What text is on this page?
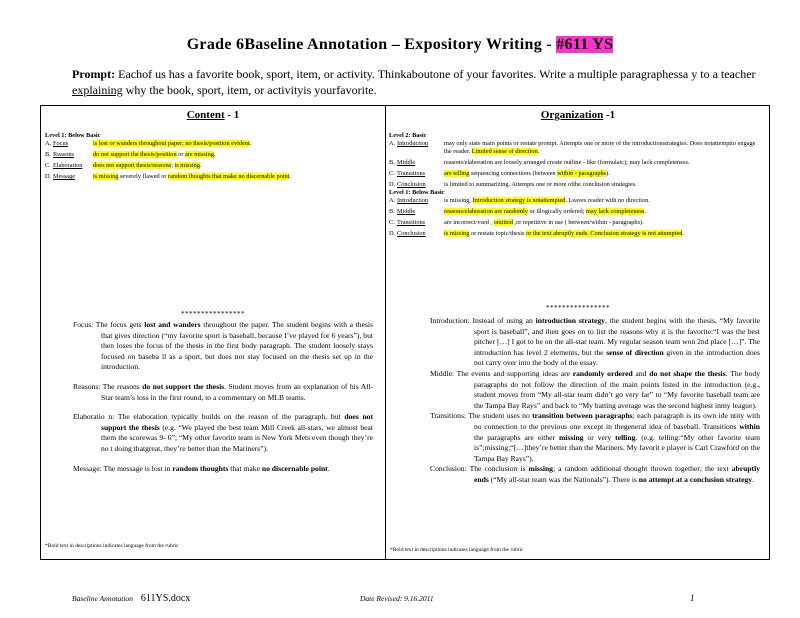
Grade 6Baseline Annotation – Expository Writing - #611 YS
Prompt: Eachof us has a favorite book, sport, item, or activity. Thinkaboutone of your favorites. Write a multiple paragraphessa y to a teacher explaining why the book, sport, item, or activityis yourfavorite.
Content - 1
Level 1: Below Basic
A.	Focus	is lost or wanders throughout paper; no thesis/position evident.
B.	Reasons	do not support the thesis/position or are missing.
C.	Elaboration	does not support thesis/reasons; is missing.
D.	Message	is missing severely flawed or random thoughts that make no discernable point.
****************

Focus: The focus gets lost and wanders throughout the paper. The student begins with a thesis that gives direction (“my favorite sport is baseball, because I’ve played for 6 years”), but then loses the focus of the thesis in the first body paragraph. The student loosely stays focused on baseba ll as a sport, but does not stay focused on the thesis set up in the introduction.

Reasons: The reasons do not support the thesis. Student moves from an explanation of his All-Star team’s loss in the first round, to a commentary on MLB teams.

Elaboratio n: The elaboration typically builds on the reason of the paragraph, but does not support the thesis (e.g. “We played the best team Mill Creek all-stars, we almost beat them the scorewas 9- 6”; “My other favorite team is New York Mets even though they’re no t doing thatgreat, they’re better than the Mariners”).

Message: The message is lost in random thoughts that make no discernable point.

*Bold text in descriptions indicates language from the rubric
Organization -1
Level 2: Basic
A.	Introduction	may only state main points or restate prompt. Attempts one or more of the introductionstrategies. Does notattemptto engage the reader. Limited sense of direction.
B.	Middle	reasons/elaboration are loosely arranged create outline - like (formulaic); may lack completeness.
C.	Transitions	are telling sequencing connections (between within - paragraphs).
D.	Conclusion	is limited to summarizing. Attempts one or more ofthe conclusion strategies.
Level 1: Below Basic
A.	Introduction	is missing, Introduction strategy is notattempted. Leaves reader with no direction.
B.	Middle	reasons/elaboration are randomly or illogically ordered; may lack completeness.
C.	Transitions	are incorrect/vsed , omitted ,or repetitive in use ( between/within - paragraphs).
D.	Conclusion	is missing or restate topic/thesis or the text abruptly ends. Conclusion strategy is not attempted.
****************

Introduction: Instead of using an introduction strategy, the student begins with the thesis, “My favorite sport is baseball”, and then goes on to list the reasons why it is the favorite:“I was the best pitcher […] I got to be on the all-star team. My regular season team won 2nd place […]”. The introduction has level 2 elements, but the sense of direction given in the introduction does not carry over into the body of the essay.

Middle: The events and supporting ideas are randomly ordered and do not shape the thesis. The body paragraphs do not follow the direction of the main points listed in the introduction (e.g., student moves from “My all-star team didn’t go very far” to “My favorite baseball team are the Tampa Bay Rays” and back to “My batting average was the second highest inmy league).

Transitions: The student uses no transition between paragraphs; each paragraph is its own ide ntity with no connection to the previous one except in thegeneral idea of baseball. Transitions within the paragraphs are either missing or very telling. (e.g. telling:“My other favorite team is”;missing:“[…]they’re better than the Mariners. My favorit e player is Carl Crawford on the Tampa Bay Rays”).

Conclusion: The conclusion is missing; a random additional thought thrown together; the text abruptly ends (“My all-star team was the Nationals”). There is no attempt at a conclusion strategy.

*Bold text in descriptions indicates language from the rubric
Baseline Annotation 611YS.docx	Date Revised: 9.16.2011	1
